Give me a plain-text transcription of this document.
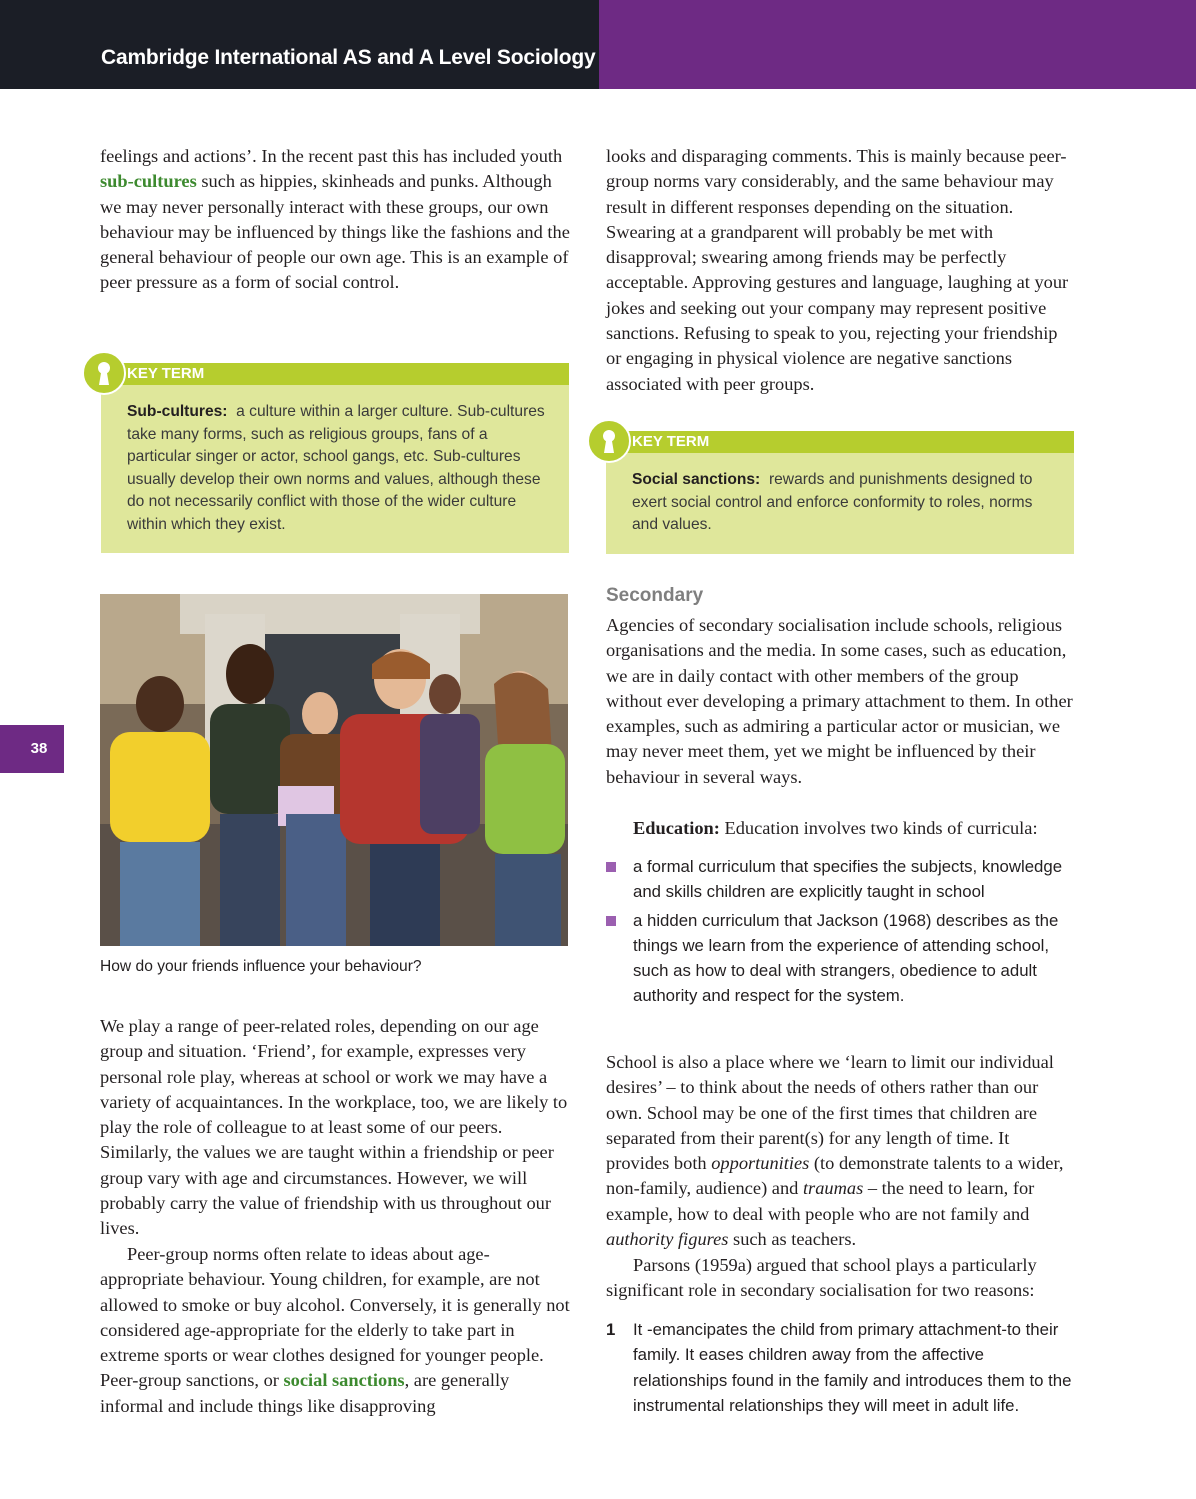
Cambridge International AS and A Level Sociology
38

feelings and actions’. In the recent past this has included youth sub-cultures such as hippies, skinheads and punks. Although we may never personally interact with these groups, our own behaviour may be influenced by things like the fashions and the general behaviour of people our own age. This is an example of peer pressure as a form of social control.

KEY TERM
Sub‐cultures: a culture within a larger culture. Sub‐cultures take many forms, such as religious groups, fans of a particular singer or actor, school gangs, etc. Sub‐cultures usually develop their own norms and values, although these do not necessarily conflict with those of the wider culture within which they exist.
How do your friends influence your behaviour?

We play a range of peer-related roles, depending on our age group and situation. ‘Friend’, for example, expresses very personal role play, whereas at school or work we may have a variety of acquaintances. In the workplace, too, we are likely to play the role of colleague to at least some of our peers. Similarly, the values we are taught within a friendship or peer group vary with age and circumstances. However, we will probably carry the value of friendship with us throughout our lives.

Peer-group norms often relate to ideas about age-appropriate behaviour. Young children, for example, are not allowed to smoke or buy alcohol. Conversely, it is generally not considered age-appropriate for the elderly to take part in extreme sports or wear clothes designed for younger people. Peer-group sanctions, or social sanctions, are generally informal and include things like disapproving

looks and disparaging comments. This is mainly because peer-group norms vary considerably, and the same behaviour may result in different responses depending on the situation. Swearing at a grandparent will probably be met with disapproval; swearing among friends may be perfectly acceptable. Approving gestures and language, laughing at your jokes and seeking out your company may represent positive sanctions. Refusing to speak to you, rejecting your friendship or engaging in physical violence are negative sanctions associated with peer groups.

KEY TERM
Social sanctions: rewards and punishments designed to exert social control and enforce conformity to roles, norms and values.
Secondary

Agencies of secondary socialisation include schools, religious organisations and the media. In some cases, such as education, we are in daily contact with other members of the group without ever developing a primary attachment to them. In other examples, such as admiring a particular actor or musician, we may never meet them, yet we might be influenced by their behaviour in several ways.

Education: Education involves two kinds of curricula:

a formal curriculum that specifies the subjects, knowledge and skills children are explicitly taught in school
a hidden curriculum that Jackson (1968) describes as the things we learn from the experience of attending school, such as how to deal with strangers, obedience to adult authority and respect for the system.

School is also a place where we ‘learn to limit our individual desires’ – to think about the needs of others rather than our own. School may be one of the first times that children are separated from their parent(s) for any length of time. It provides both opportunities (to demonstrate talents to a wider, non-family, audience) and traumas – the need to learn, for example, how to deal with people who are not family and authority figures such as teachers.

Parsons (1959a) argued that school plays a particularly significant role in secondary socialisation for two reasons:

1 It ‐emancipates the child from primary attachment‐to their family. It eases children away from the affective relationships found in the family and introduces them to the instrumental relationships they will meet in adult life.
